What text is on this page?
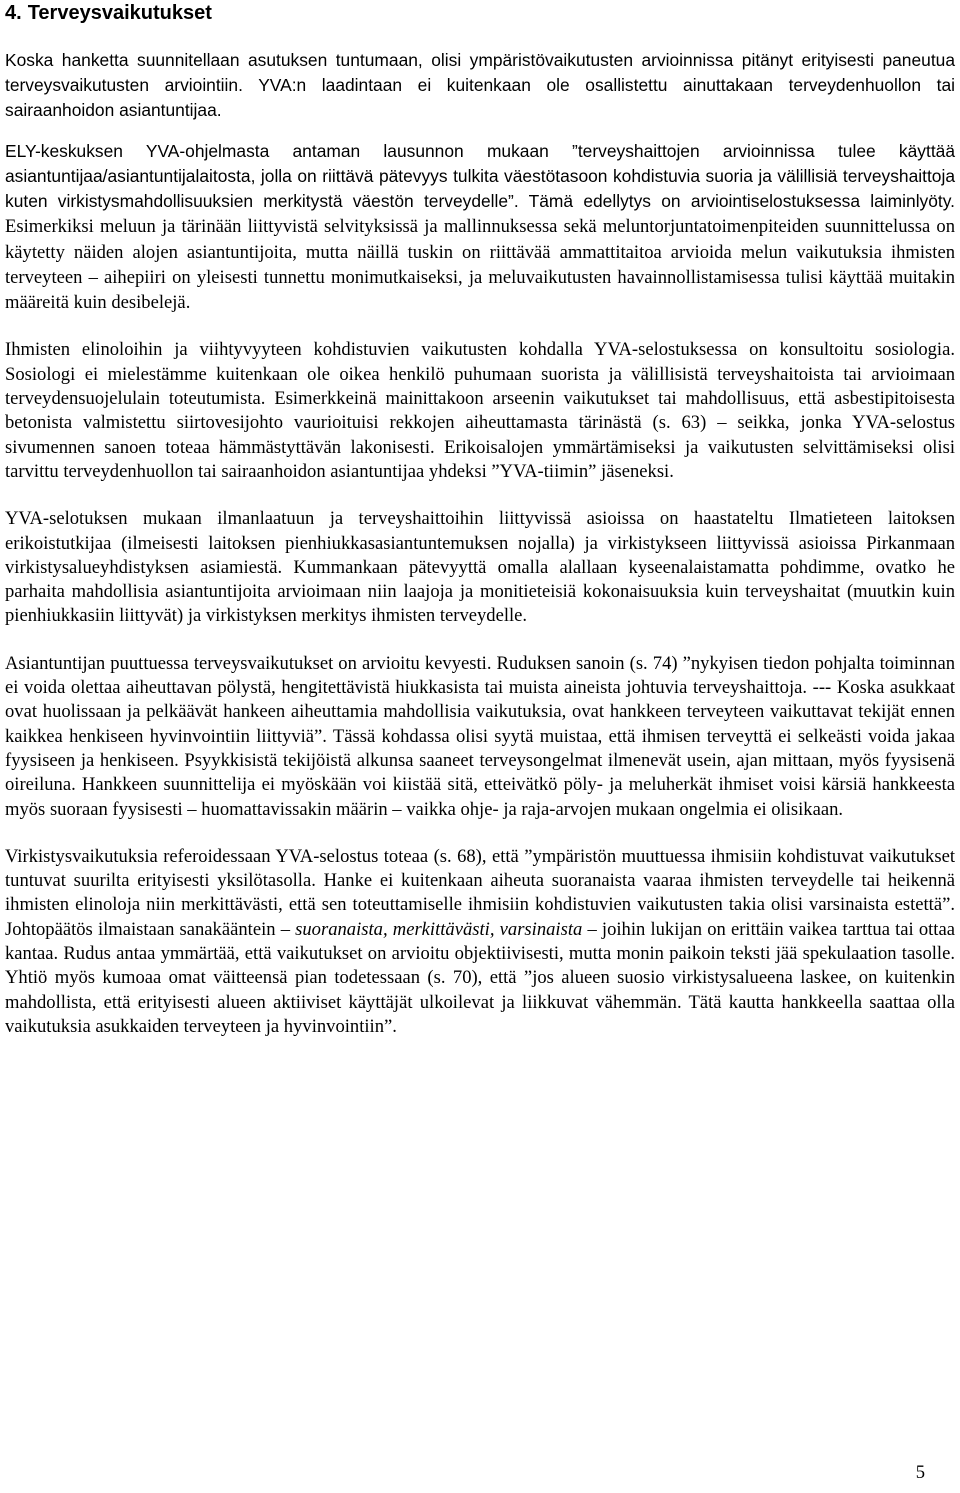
4. Terveysvaikutukset

Koska hanketta suunnitellaan asutuksen tuntumaan, olisi ympäristövaikutusten arvioinnissa pitänyt erityisesti paneutua terveysvaikutusten arviointiin. YVA:n laadintaan ei kuitenkaan ole osallistettu ainuttakaan terveydenhuollon tai sairaanhoidon asiantuntijaa.

ELY-keskuksen YVA-ohjelmasta antaman lausunnon mukaan ”terveyshaittojen arvioinnissa tulee käyttää asiantuntijaa/asiantuntijalaitosta, jolla on riittävä pätevyys tulkita väestötasoon kohdistuvia suoria ja välillisiä terveyshaittoja kuten virkistysmahdollisuuksien merkitystä väestön terveydelle”. Tämä edellytys on arviointiselostuksessa laiminlyöty. Esimerkiksi meluun ja tärinään liittyvistä selvityksissä ja mallinnuksessa sekä meluntorjuntatoimenpiteiden suunnittelussa on käytetty näiden alojen asiantuntijoita, mutta näillä tuskin on riittävää ammattitaitoa arvioida melun vaikutuksia ihmisten terveyteen – aihepiiri on yleisesti tunnettu monimutkaiseksi, ja meluvaikutusten havainnollistamisessa tulisi käyttää muitakin määreitä kuin desibelejä.

Ihmisten elinoloihin ja viihtyvyyteen kohdistuvien vaikutusten kohdalla YVA-selostuksessa on konsultoitu sosiologia. Sosiologi ei mielestämme kuitenkaan ole oikea henkilö puhumaan suorista ja välillisistä terveyshaitoista tai arvioimaan terveydensuojelulain toteutumista. Esimerkkeinä mainittakoon arseenin vaikutukset tai mahdollisuus, että asbestipitoisesta betonista valmistettu siirtovesijohto vaurioituisi rekkojen aiheuttamasta tärinästä (s. 63) – seikka, jonka YVA-selostus sivumennen sanoen toteaa hämmästyttävän lakonisesti. Erikoisalojen ymmärtämiseksi ja vaikutusten selvittämiseksi olisi tarvittu terveydenhuollon tai sairaanhoidon asiantuntijaa yhdeksi ”YVA-tiimin” jäseneksi.

YVA-selotuksen mukaan ilmanlaatuun ja terveyshaittoihin liittyvissä asioissa on haastateltu Ilmatieteen laitoksen erikoistutkijaa (ilmeisesti laitoksen pienhiukkasasiantuntemuksen nojalla) ja virkistykseen liittyvissä asioissa Pirkanmaan virkistysalueyhdistyksen asiamiestä. Kummankaan pätevyyttä omalla alallaan kyseenalaistamatta pohdimme, ovatko he parhaita mahdollisia asiantuntijoita arvioimaan niin laajoja ja monitieteisiä kokonaisuuksia kuin terveyshaitat (muutkin kuin pienhiukkasiin liittyvät) ja virkistyksen merkitys ihmisten terveydelle.

Asiantuntijan puuttuessa terveysvaikutukset on arvioitu kevyesti. Ruduksen sanoin (s. 74) ”nykyisen tiedon pohjalta toiminnan ei voida olettaa aiheuttavan pölystä, hengitettävistä hiukkasista tai muista aineista johtuvia terveyshaittoja. --- Koska asukkaat ovat huolissaan ja pelkäävät hankeen aiheuttamia mahdollisia vaikutuksia, ovat hankkeen terveyteen vaikuttavat tekijät ennen kaikkea henkiseen hyvinvointiin liittyviä”. Tässä kohdassa olisi syytä muistaa, että ihmisen terveyttä ei selkeästi voida jakaa fyysiseen ja henkiseen. Psyykkisistä tekijöistä alkunsa saaneet terveysongelmat ilmenevät usein, ajan mittaan, myös fyysisenä oireiluna. Hankkeen suunnittelija ei myöskään voi kiistää sitä, etteivätkö pöly- ja meluherkät ihmiset voisi kärsiä hankkeesta myös suoraan fyysisesti – huomattavissakin määrin – vaikka ohje- ja raja-arvojen mukaan ongelmia ei olisikaan.

Virkistysvaikutuksia referoidessaan YVA-selostus toteaa (s. 68), että ”ympäristön muuttuessa ihmisiin kohdistuvat vaikutukset tuntuvat suurilta erityisesti yksilötasolla. Hanke ei kuitenkaan aiheuta suoranaista vaaraa ihmisten terveydelle tai heikennä ihmisten elinoloja niin merkittävästi, että sen toteuttamiselle ihmisiin kohdistuvien vaikutusten takia olisi varsinaista estettä”. Johtopäätös ilmaistaan sanakääntein – suoranaista, merkittävästi, varsinaista – joihin lukijan on erittäin vaikea tarttua tai ottaa kantaa. Rudus antaa ymmärtää, että vaikutukset on arvioitu objektiivisesti, mutta monin paikoin teksti jää spekulaation tasolle. Yhtiö myös kumoaa omat väitteensä pian todetessaan (s. 70), että ”jos alueen suosio virkistysalueena laskee, on kuitenkin mahdollista, että erityisesti alueen aktiiviset käyttäjät ulkoilevat ja liikkuvat vähemmän. Tätä kautta hankkeella saattaa olla vaikutuksia asukkaiden terveyteen ja hyvinvointiin”.

5
